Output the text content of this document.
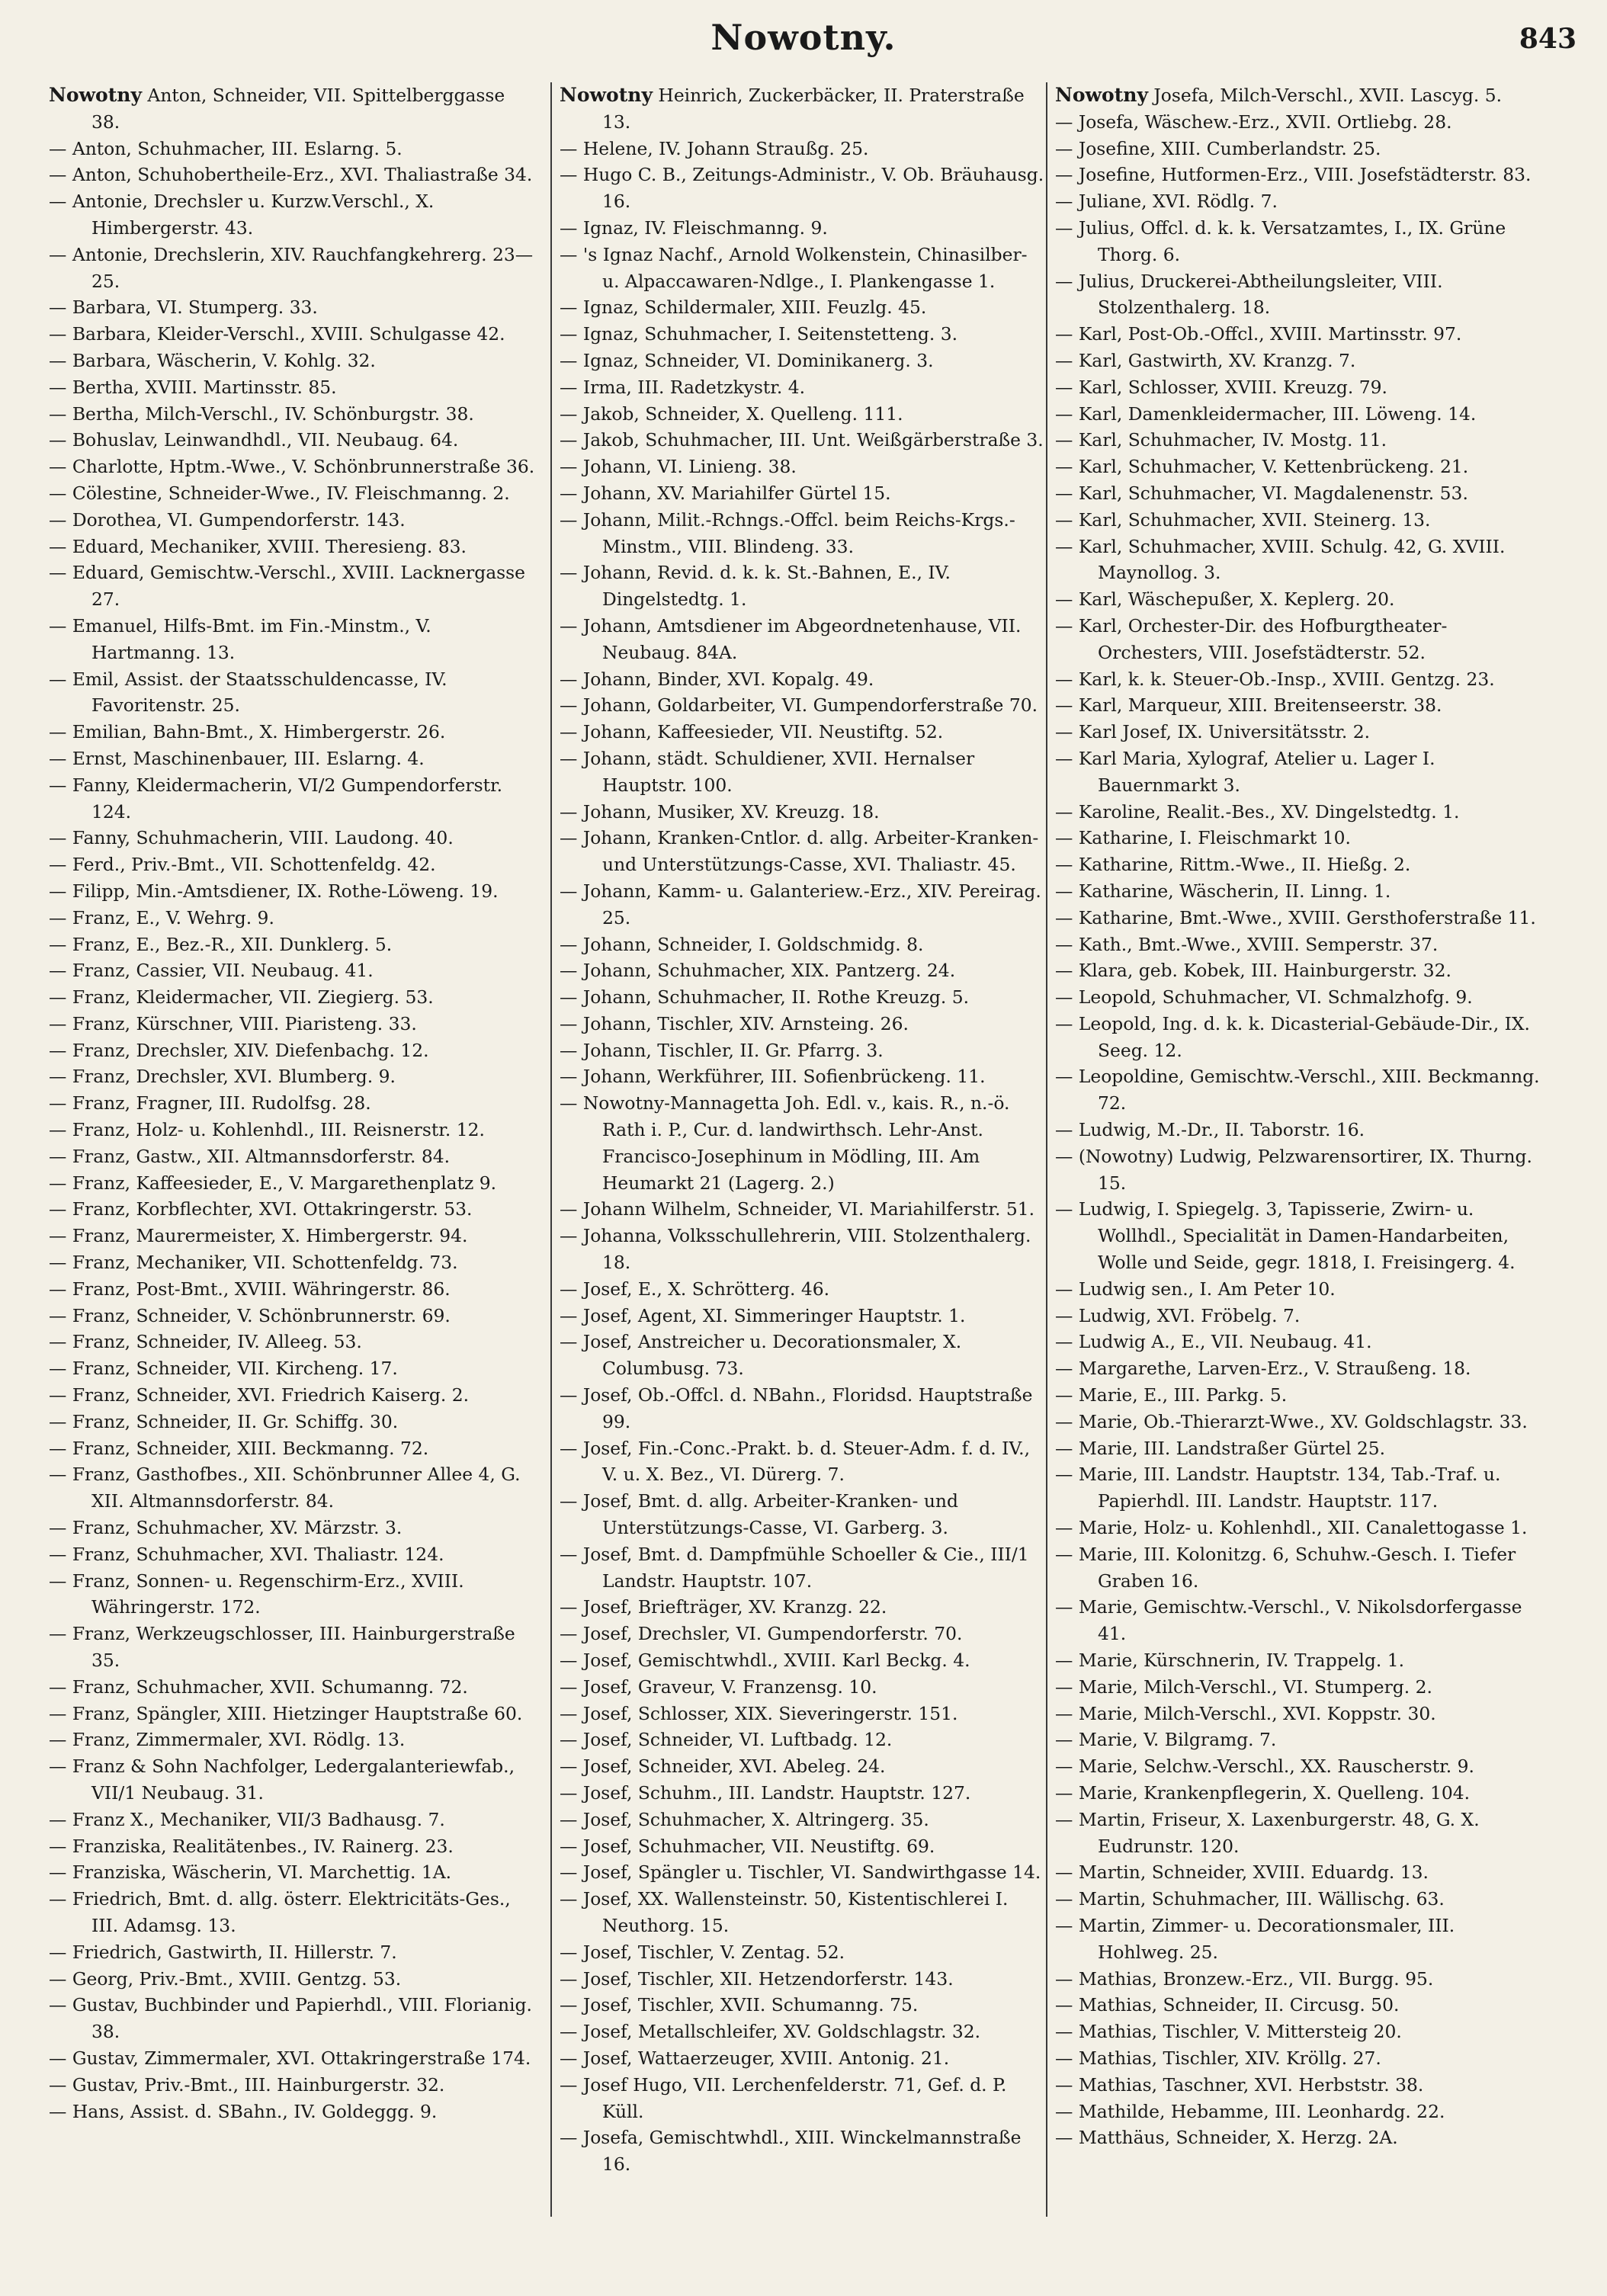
Nowotny.	843
Nowotny Anton, Schneider, VII. Spittelberggasse 38.
— Anton, Schuhmacher, III. Eslarng. 5.
— Anton, Schuhobertheile-Erz., XVI. Thaliastraße 34.
— Antonie, Drechsler u. Kurzw.Verschl., X. Himbergerstr. 43.
— Antonie, Drechslerin, XIV. Rauchfangkehrerg. 23—25.
— Barbara, VI. Stumperg. 33.
— Barbara, Kleider-Verschl., XVIII. Schulgasse 42.
— Barbara, Wäscherin, V. Kohlg. 32.
— Bertha, XVIII. Martinsstr. 85.
— Bertha, Milch-Verschl., IV. Schönburgstr. 38.
— Bohuslav, Leinwandhdl., VII. Neubaug. 64.
— Charlotte, Hptm.-Wwe., V. Schönbrunnerstraße 36.
— Cölestine, Schneider-Wwe., IV. Fleischmanng. 2.
— Dorothea, VI. Gumpendorferstr. 143.
— Eduard, Mechaniker, XVIII. Theresieng. 83.
— Eduard, Gemischtw.-Verschl., XVIII. Lacknergasse 27.
— Emanuel, Hilfs-Bmt. im Fin.-Minstm., V. Hartmanng. 13.
— Emil, Assist. der Staatsschuldencasse, IV. Favoritenstr. 25.
— Emilian, Bahn-Bmt., X. Himbergerstr. 26.
— Ernst, Maschinenbauer, III. Eslarng. 4.
— Fanny, Kleidermacherin, VI/2 Gumpendorferstr. 124.
— Fanny, Schuhmacherin, VIII. Laudong. 40.
— Ferd., Priv.-Bmt., VII. Schottenfeldg. 42.
— Filipp, Min.-Amtsdiener, IX. Rothe-Löweng. 19.
— Franz, E., V. Wehrg. 9.
— Franz, E., Bez.-R., XII. Dunklerg. 5.
— Franz, Cassier, VII. Neubaug. 41.
— Franz, Kleidermacher, VII. Ziegierg. 53.
— Franz, Kürschner, VIII. Piaristeng. 33.
— Franz, Drechsler, XIV. Diefenbachg. 12.
— Franz, Drechsler, XVI. Blumberg. 9.
— Franz, Fragner, III. Rudolfsg. 28.
— Franz, Holz- u. Kohlenhdl., III. Reisnerstr. 12.
— Franz, Gastw., XII. Altmannsdorferstr. 84.
— Franz, Kaffeesieder, E., V. Margarethenplatz 9.
— Franz, Korbflechter, XVI. Ottakringerstr. 53.
— Franz, Maurermeister, X. Himbergerstr. 94.
— Franz, Mechaniker, VII. Schottenfeldg. 73.
— Franz, Post-Bmt., XVIII. Währingerstr. 86.
— Franz, Schneider, V. Schönbrunnerstr. 69.
— Franz, Schneider, IV. Alleeg. 53.
— Franz, Schneider, VII. Kircheng. 17.
— Franz, Schneider, XVI. Friedrich Kaiserg. 2.
— Franz, Schneider, II. Gr. Schiffg. 30.
— Franz, Schneider, XIII. Beckmanng. 72.
— Franz, Gasthofbes., XII. Schönbrunner Allee 4, G. XII. Altmannsdorferstr. 84.
— Franz, Schuhmacher, XV. Märzstr. 3.
— Franz, Schuhmacher, XVI. Thaliastr. 124.
— Franz, Sonnen- u. Regenschirm-Erz., XVIII. Währingerstr. 172.
— Franz, Werkzeugschlosser, III. Hainburgerstraße 35.
— Franz, Schuhmacher, XVII. Schumanng. 72.
— Franz, Spängler, XIII. Hietzinger Hauptstraße 60.
— Franz, Zimmermaler, XVI. Rödlg. 13.
— Franz & Sohn Nachfolger, Ledergalanteriewfab., VII/1 Neubaug. 31.
— Franz X., Mechaniker, VII/3 Badhausg. 7.
— Franziska, Realitätenbes., IV. Rainerg. 23.
— Franziska, Wäscherin, VI. Marchettig. 1A.
— Friedrich, Bmt. d. allg. österr. Elektricitäts-Ges., III. Adamsg. 13.
— Friedrich, Gastwirth, II. Hillerstr. 7.
— Georg, Priv.-Bmt., XVIII. Gentzg. 53.
— Gustav, Buchbinder und Papierhdl., VIII. Florianig. 38.
— Gustav, Zimmermaler, XVI. Ottakringerstraße 174.
— Gustav, Priv.-Bmt., III. Hainburgerstr. 32.
— Hans, Assist. d. SBahn., IV. Goldeggg. 9.
Nowotny Heinrich, Zuckerbäcker, II. Praterstraße 13.
— Helene, IV. Johann Straußg. 25.
— Hugo C. B., Zeitungs-Administr., V. Ob. Bräuhausg. 16.
— Ignaz, IV. Fleischmanng. 9.
— 's Ignaz Nachf., Arnold Wolkenstein, Chinasilber- u. Alpaccawaren-Ndlge., I. Plankengasse 1.
— Ignaz, Schildermaler, XIII. Feuzlg. 45.
— Ignaz, Schuhmacher, I. Seitenstetteng. 3.
— Ignaz, Schneider, VI. Dominikanerg. 3.
— Irma, III. Radetzkystr. 4.
— Jakob, Schneider, X. Quelleng. 111.
— Jakob, Schuhmacher, III. Unt. Weißgärberstraße 3.
— Johann, VI. Linieng. 38.
— Johann, XV. Mariahilfer Gürtel 15.
— Johann, Milit.-Rchngs.-Offcl. beim Reichs-Krgs.-Minstm., VIII. Blindeng. 33.
— Johann, Revid. d. k. k. St.-Bahnen, E., IV. Dingelstedtg. 1.
— Johann, Amtsdiener im Abgeordnetenhause, VII. Neubaug. 84A.
— Johann, Binder, XVI. Kopalg. 49.
— Johann, Goldarbeiter, VI. Gumpendorferstraße 70.
— Johann, Kaffeesieder, VII. Neustiftg. 52.
— Johann, städt. Schuldiener, XVII. Hernalser Hauptstr. 100.
— Johann, Musiker, XV. Kreuzg. 18.
— Johann, Kranken-Cntlor. d. allg. Arbeiter-Kranken- und Unterstützungs-Casse, XVI. Thaliastr. 45.
— Johann, Kamm- u. Galanteriew.-Erz., XIV. Pereirag. 25.
— Johann, Schneider, I. Goldschmidg. 8.
— Johann, Schuhmacher, XIX. Pantzerg. 24.
— Johann, Schuhmacher, II. Rothe Kreuzg. 5.
— Johann, Tischler, XIV. Arnsteing. 26.
— Johann, Tischler, II. Gr. Pfarrg. 3.
— Johann, Werkführer, III. Sofienbrückeng. 11.
— Nowotny-Mannagetta Joh. Edl. v., kais. R., n.-ö. Rath i. P., Cur. d. landwirthsch. Lehr-Anst. Francisco-Josephinum in Mödling, III. Am Heumarkt 21 (Lagerg. 2.)
— Johann Wilhelm, Schneider, VI. Mariahilferstr. 51.
— Johanna, Volksschullehrerin, VIII. Stolzenthalerg. 18.
— Josef, E., X. Schrötterg. 46.
— Josef, Agent, XI. Simmeringer Hauptstr. 1.
— Josef, Anstreicher u. Decorationsmaler, X. Columbusg. 73.
— Josef, Ob.-Offcl. d. NBahn., Floridsd. Hauptstraße 99.
— Josef, Fin.-Conc.-Prakt. b. d. Steuer-Adm. f. d. IV., V. u. X. Bez., VI. Dürerg. 7.
— Josef, Bmt. d. allg. Arbeiter-Kranken- und Unterstützungs-Casse, VI. Garberg. 3.
— Josef, Bmt. d. Dampfmühle Schoeller & Cie., III/1 Landstr. Hauptstr. 107.
— Josef, Briefträger, XV. Kranzg. 22.
— Josef, Drechsler, VI. Gumpendorferstr. 70.
— Josef, Gemischtwhdl., XVIII. Karl Beckg. 4.
— Josef, Graveur, V. Franzensg. 10.
— Josef, Schlosser, XIX. Sieveringerstr. 151.
— Josef, Schneider, VI. Luftbadg. 12.
— Josef, Schneider, XVI. Abeleg. 24.
— Josef, Schuhm., III. Landstr. Hauptstr. 127.
— Josef, Schuhmacher, X. Altringerg. 35.
— Josef, Schuhmacher, VII. Neustiftg. 69.
— Josef, Spängler u. Tischler, VI. Sandwirthgasse 14.
— Josef, XX. Wallensteinstr. 50, Kistentischlerei I. Neuthorg. 15.
— Josef, Tischler, V. Zentag. 52.
— Josef, Tischler, XII. Hetzendorferstr. 143.
— Josef, Tischler, XVII. Schumanng. 75.
— Josef, Metallschleifer, XV. Goldschlagstr. 32.
— Josef, Wattaerzeuger, XVIII. Antonig. 21.
— Josef Hugo, VII. Lerchenfelderstr. 71, Gef. d. P. Küll.
— Josefa, Gemischtwhdl., XIII. Winckelmannstraße 16.
Nowotny Josefa, Milch-Verschl., XVII. Lascyg. 5.
— Josefa, Wäschew.-Erz., XVII. Ortliebg. 28.
— Josefine, XIII. Cumberlandstr. 25.
— Josefine, Hutformen-Erz., VIII. Josefstädterstr. 83.
— Juliane, XVI. Rödlg. 7.
— Julius, Offcl. d. k. k. Versatzamtes, I., IX. Grüne Thorg. 6.
— Julius, Druckerei-Abtheilungsleiter, VIII. Stolzenthalerg. 18.
— Karl, Post-Ob.-Offcl., XVIII. Martinsstr. 97.
— Karl, Gastwirth, XV. Kranzg. 7.
— Karl, Schlosser, XVIII. Kreuzg. 79.
— Karl, Damenkleidermacher, III. Löweng. 14.
— Karl, Schuhmacher, IV. Mostg. 11.
— Karl, Schuhmacher, V. Kettenbrückeng. 21.
— Karl, Schuhmacher, VI. Magdalenenstr. 53.
— Karl, Schuhmacher, XVII. Steinerg. 13.
— Karl, Schuhmacher, XVIII. Schulg. 42, G. XVIII. Maynollog. 3.
— Karl, Wäschepußer, X. Keplerg. 20.
— Karl, Orchester-Dir. des Hofburgtheater-Orchesters, VIII. Josefstädterstr. 52.
— Karl, k. k. Steuer-Ob.-Insp., XVIII. Gentzg. 23.
— Karl, Marqueur, XIII. Breitenseerstr. 38.
— Karl Josef, IX. Universitätsstr. 2.
— Karl Maria, Xylograf, Atelier u. Lager I. Bauernmarkt 3.
— Karoline, Realit.-Bes., XV. Dingelstedtg. 1.
— Katharine, I. Fleischmarkt 10.
— Katharine, Rittm.-Wwe., II. Hießg. 2.
— Katharine, Wäscherin, II. Linng. 1.
— Katharine, Bmt.-Wwe., XVIII. Gersthoferstraße 11.
— Kath., Bmt.-Wwe., XVIII. Semperstr. 37.
— Klara, geb. Kobek, III. Hainburgerstr. 32.
— Leopold, Schuhmacher, VI. Schmalzhofg. 9.
— Leopold, Ing. d. k. k. Dicasterial-Gebäude-Dir., IX. Seeg. 12.
— Leopoldine, Gemischtw.-Verschl., XIII. Beckmanng. 72.
— Ludwig, M.-Dr., II. Taborstr. 16.
— (Nowotny) Ludwig, Pelzwarensortirer, IX. Thurng. 15.
— Ludwig, I. Spiegelg. 3, Tapisserie, Zwirn- u. Wollhdl., Specialität in Damen-Handarbeiten, Wolle und Seide, gegr. 1818, I. Freisingerg. 4.
— Ludwig sen., I. Am Peter 10.
— Ludwig, XVI. Fröbelg. 7.
— Ludwig A., E., VII. Neubaug. 41.
— Margarethe, Larven-Erz., V. Straußeng. 18.
— Marie, E., III. Parkg. 5.
— Marie, Ob.-Thierarzt-Wwe., XV. Goldschlagstr. 33.
— Marie, III. Landstraßer Gürtel 25.
— Marie, III. Landstr. Hauptstr. 134, Tab.-Traf. u. Papierhdl. III. Landstr. Hauptstr. 117.
— Marie, Holz- u. Kohlenhdl., XII. Canalettogasse 1.
— Marie, III. Kolonitzg. 6, Schuhw.-Gesch. I. Tiefer Graben 16.
— Marie, Gemischtw.-Verschl., V. Nikolsdorfergasse 41.
— Marie, Kürschnerin, IV. Trappelg. 1.
— Marie, Milch-Verschl., VI. Stumperg. 2.
— Marie, Milch-Verschl., XVI. Koppstr. 30.
— Marie, V. Bilgramg. 7.
— Marie, Selchw.-Verschl., XX. Rauscherstr. 9.
— Marie, Krankenpflegerin, X. Quelleng. 104.
— Martin, Friseur, X. Laxenburgerstr. 48, G. X. Eudrunstr. 120.
— Martin, Schneider, XVIII. Eduardg. 13.
— Martin, Schuhmacher, III. Wällischg. 63.
— Martin, Zimmer- u. Decorationsmaler, III. Hohlweg. 25.
— Mathias, Bronzew.-Erz., VII. Burgg. 95.
— Mathias, Schneider, II. Circusg. 50.
— Mathias, Tischler, V. Mittersteig 20.
— Mathias, Tischler, XIV. Kröllg. 27.
— Mathias, Taschner, XVI. Herbststr. 38.
— Mathilde, Hebamme, III. Leonhardg. 22.
— Matthäus, Schneider, X. Herzg. 2A.
